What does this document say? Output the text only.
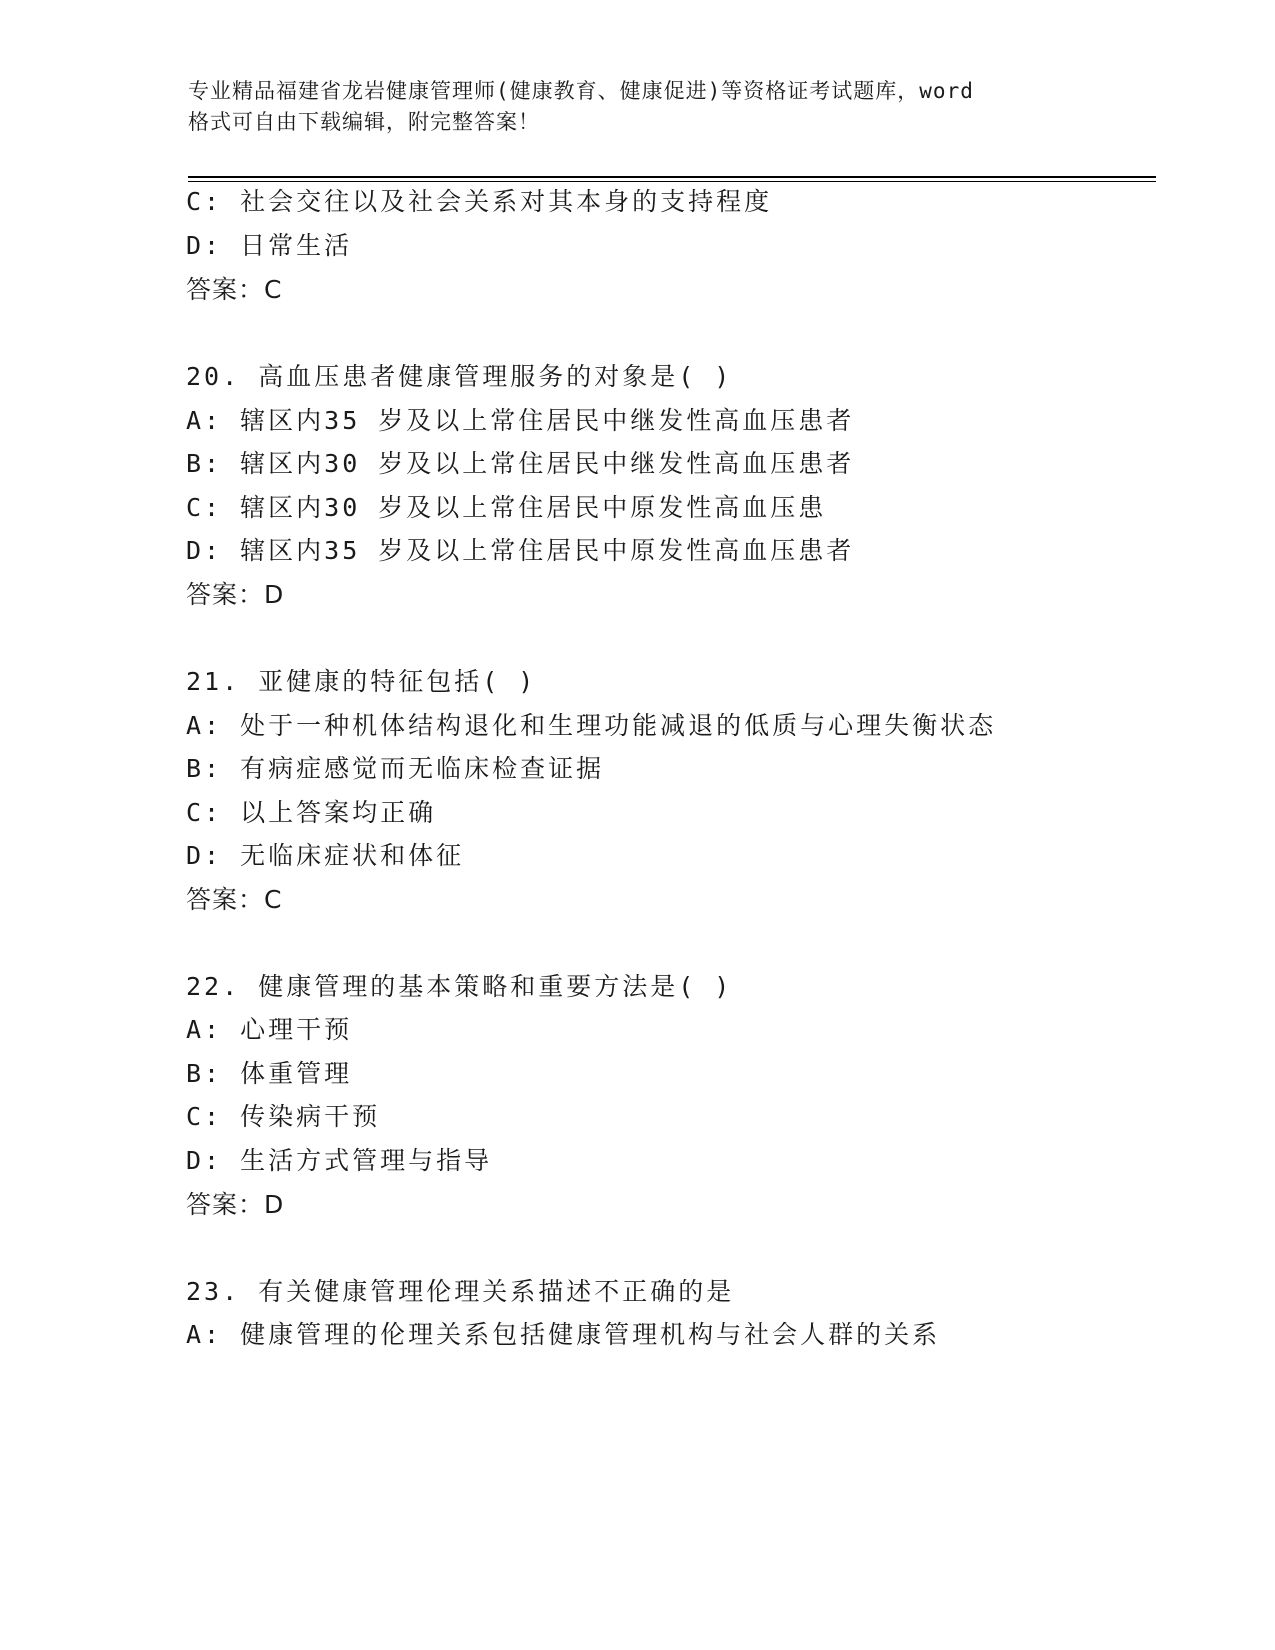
专业精品福建省龙岩健康管理师(健康教育、健康促进)等资格证考试题库，word
格式可自由下载编辑，附完整答案！
C: 社会交往以及社会关系对其本身的支持程度
D: 日常生活
答案：C
20. 高血压患者健康管理服务的对象是( )
A: 辖区内35 岁及以上常住居民中继发性高血压患者
B: 辖区内30 岁及以上常住居民中继发性高血压患者
C: 辖区内30 岁及以上常住居民中原发性高血压患
D: 辖区内35 岁及以上常住居民中原发性高血压患者
答案：D
21. 亚健康的特征包括( )
A: 处于一种机体结构退化和生理功能减退的低质与心理失衡状态
B: 有病症感觉而无临床检查证据
C: 以上答案均正确
D: 无临床症状和体征
答案：C
22. 健康管理的基本策略和重要方法是( )
A: 心理干预
B: 体重管理
C: 传染病干预
D: 生活方式管理与指导
答案：D
23. 有关健康管理伦理关系描述不正确的是
A: 健康管理的伦理关系包括健康管理机构与社会人群的关系
